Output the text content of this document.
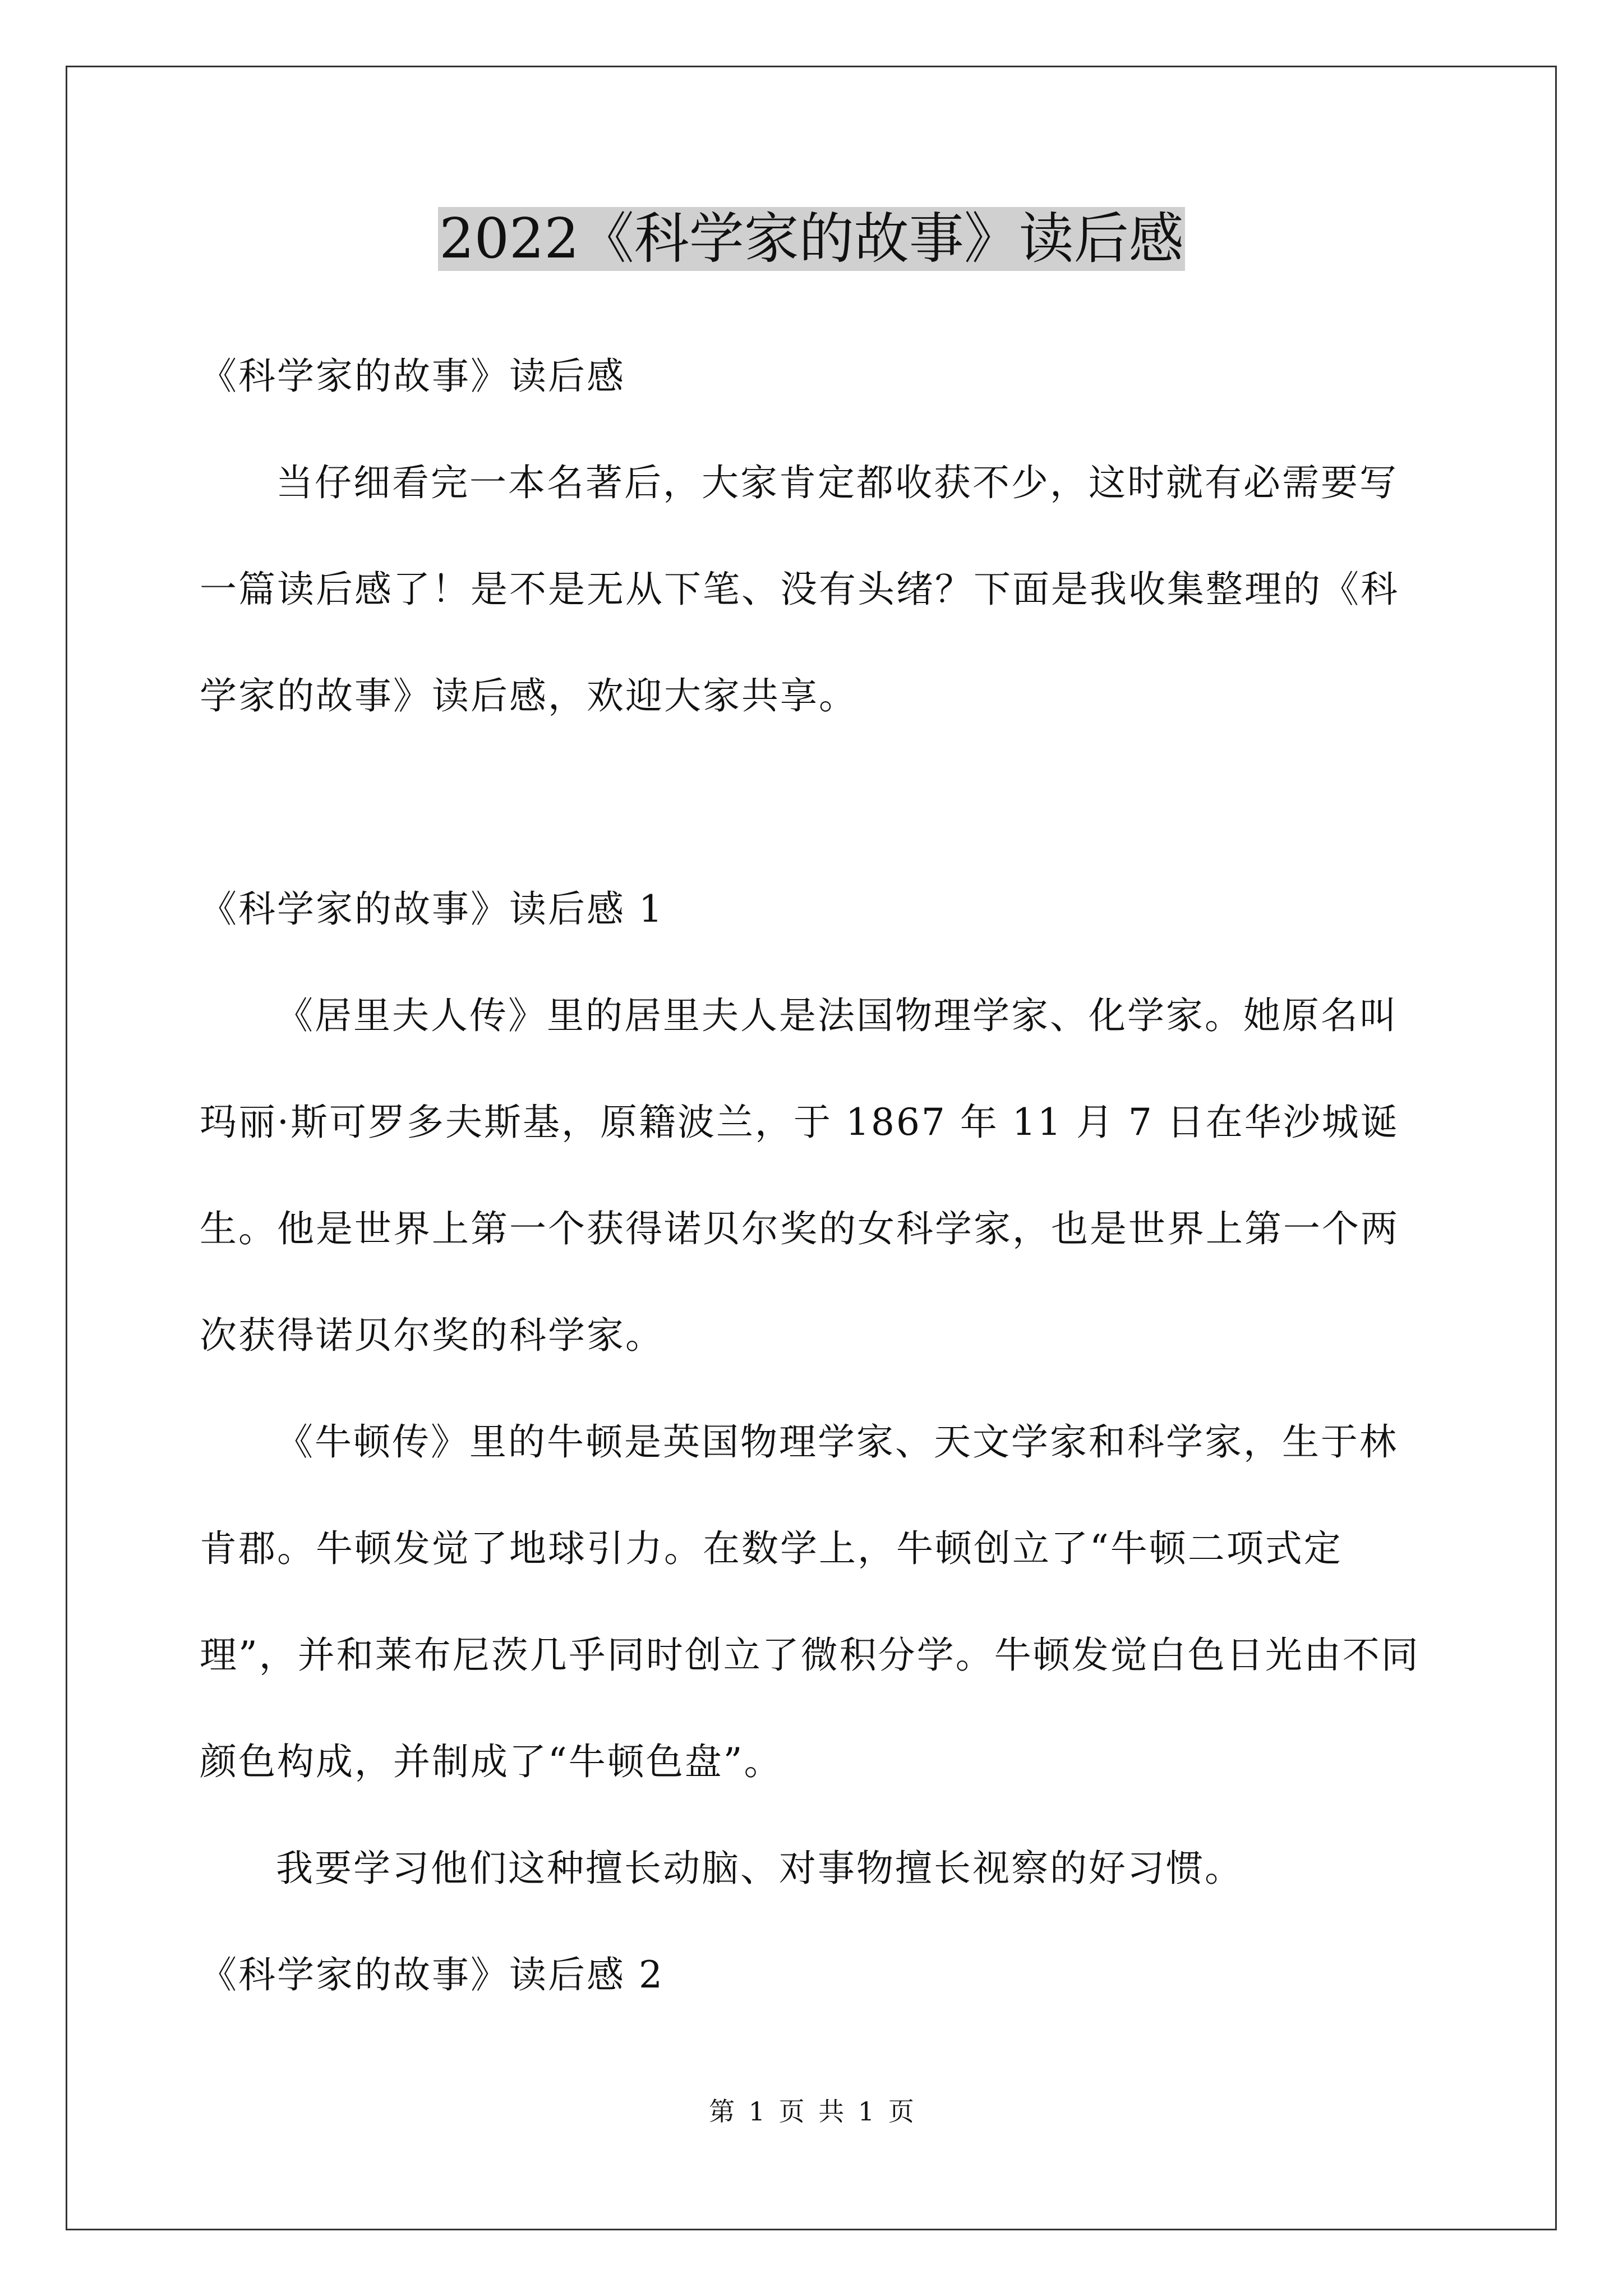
2022《科学家的故事》读后感

《科学家的故事》读后感

当仔细看完一本名著后，大家肯定都收获不少，这时就有必需要写一篇读后感了！是不是无从下笔、没有头绪？下面是我收集整理的《科学家的故事》读后感，欢迎大家共享。

《科学家的故事》读后感 1

《居里夫人传》里的居里夫人是法国物理学家、化学家。她原名叫玛丽·斯可罗多夫斯基，原籍波兰，于 1867 年 11 月 7 日在华沙城诞生。他是世界上第一个获得诺贝尔奖的女科学家，也是世界上第一个两次获得诺贝尔奖的科学家。

《牛顿传》里的牛顿是英国物理学家、天文学家和科学家，生于林肯郡。牛顿发觉了地球引力。在数学上，牛顿创立了“牛顿二项式定理”，并和莱布尼茨几乎同时创立了微积分学。牛顿发觉白色日光由不同颜色构成，并制成了“牛顿色盘”。

我要学习他们这种擅长动脑、对事物擅长视察的好习惯。

《科学家的故事》读后感 2

第 1 页 共 1 页
